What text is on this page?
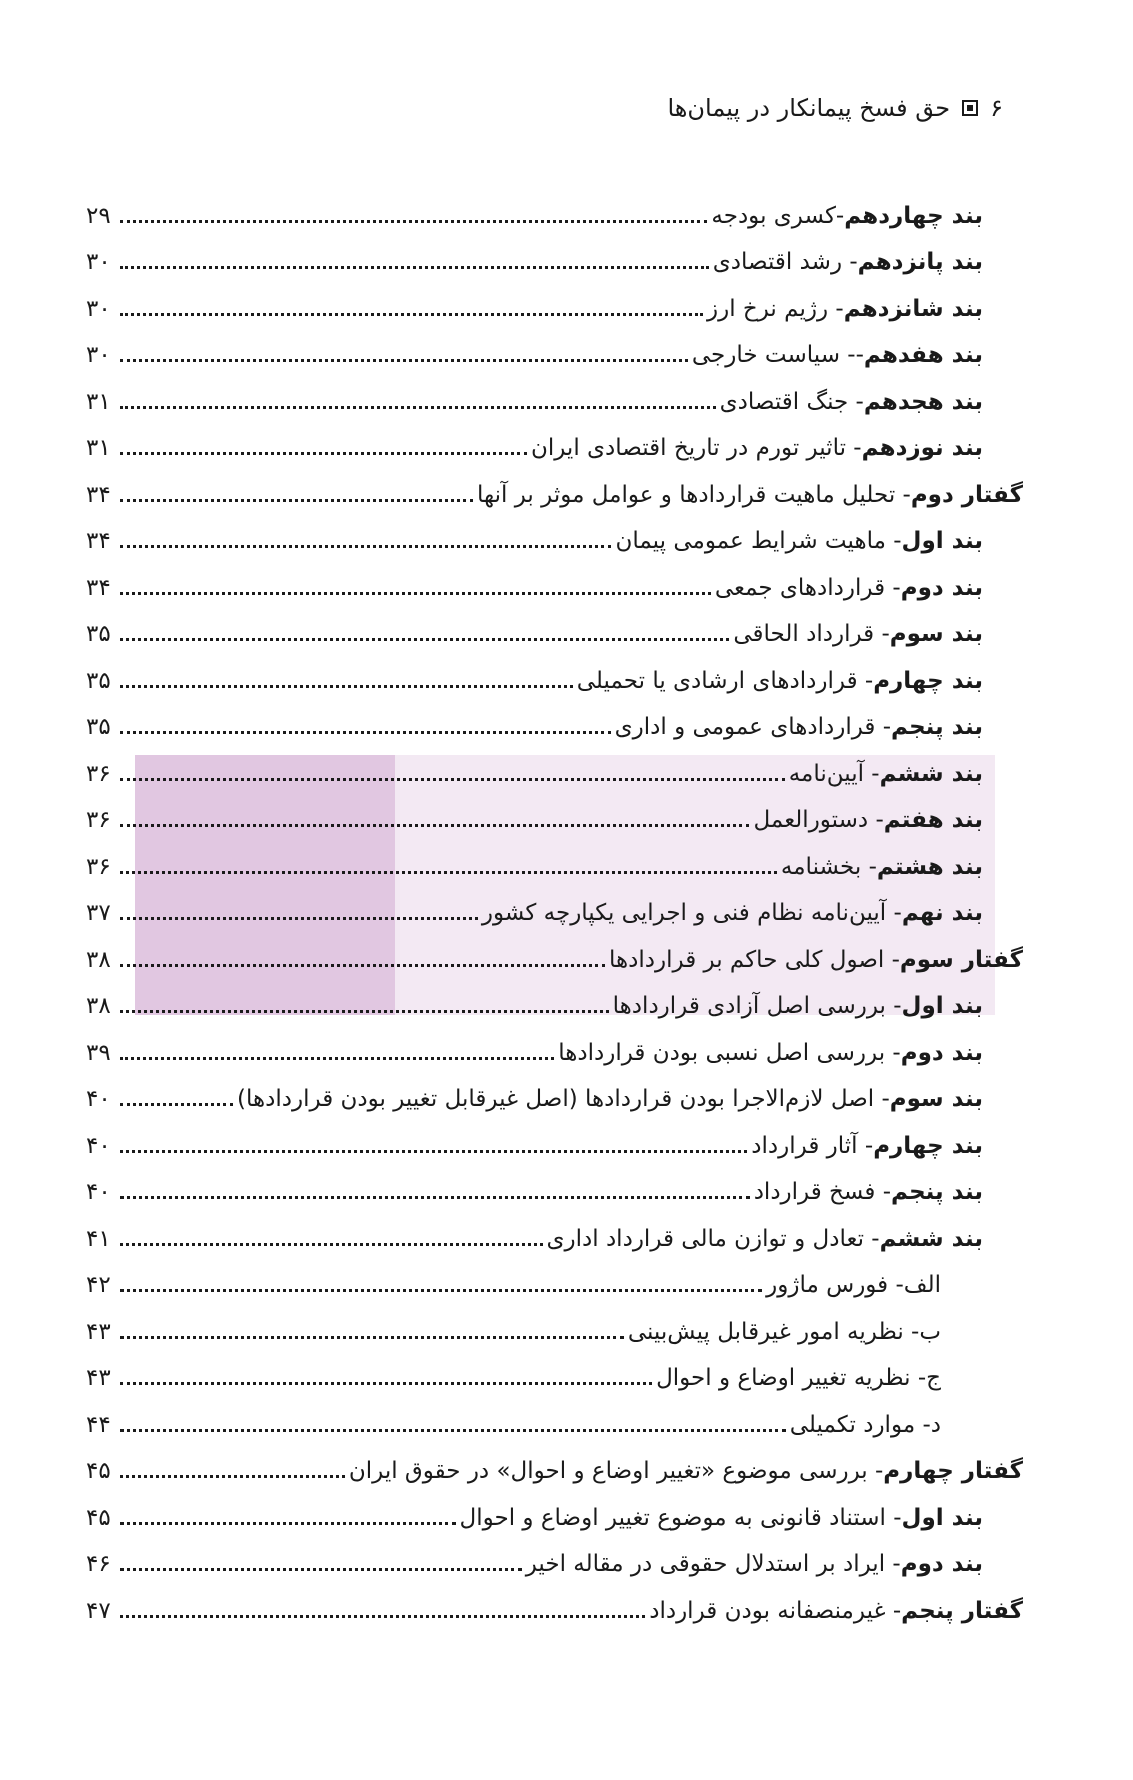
۶
حق فسخ پیمانکار در پیمان‌ها
بند چهاردهم-کسری بودجه
۲۹
بند پانزدهم- رشد اقتصادی
۳۰
بند شانزدهم- رژیم نرخ ارز
۳۰
بند هفدهم-- سیاست خارجی
۳۰
بند هجدهم- جنگ اقتصادی
۳۱
بند نوزدهم- تاثیر تورم در تاریخ اقتصادی ایران
۳۱
گفتار دوم- تحلیل ماهیت قراردادها و عوامل موثر بر آنها
۳۴
بند اول- ماهیت شرایط عمومی پیمان
۳۴
بند دوم- قراردادهای جمعی
۳۴
بند سوم- قرارداد الحاقی
۳۵
بند چهارم- قراردادهای ارشادی یا تحمیلی
۳۵
بند پنجم- قراردادهای عمومی و اداری
۳۵
بند ششم- آیین‌نامه
۳۶
بند هفتم- دستورالعمل
۳۶
بند هشتم- بخشنامه
۳۶
بند نهم- آیین‌نامه نظام فنی و اجرایی یکپارچه کشور
۳۷
گفتار سوم- اصول کلی حاکم بر قراردادها
۳۸
بند اول- بررسی اصل آزادی قراردادها
۳۸
بند دوم- بررسی اصل نسبی بودن قراردادها
۳۹
بند سوم- اصل لازم‌الاجرا بودن قراردادها (اصل غیرقابل تغییر بودن قراردادها)
۴۰
بند چهارم- آثار قرارداد
۴۰
بند پنجم- فسخ قرارداد
۴۰
بند ششم- تعادل و توازن مالی قرارداد اداری
۴۱
الف- فورس ماژور
۴۲
ب- نظریه امور غیرقابل پیش‌بینی
۴۳
ج- نظریه تغییر اوضاع و احوال
۴۳
د- موارد تکمیلی
۴۴
گفتار چهارم- بررسی موضوع «تغییر اوضاع و احوال» در حقوق ایران
۴۵
بند اول- استناد قانونی به موضوع تغییر اوضاع و احوال
۴۵
بند دوم- ایراد بر استدلال حقوقی در مقاله اخیر
۴۶
گفتار پنجم- غیرمنصفانه بودن قرارداد
۴۷
